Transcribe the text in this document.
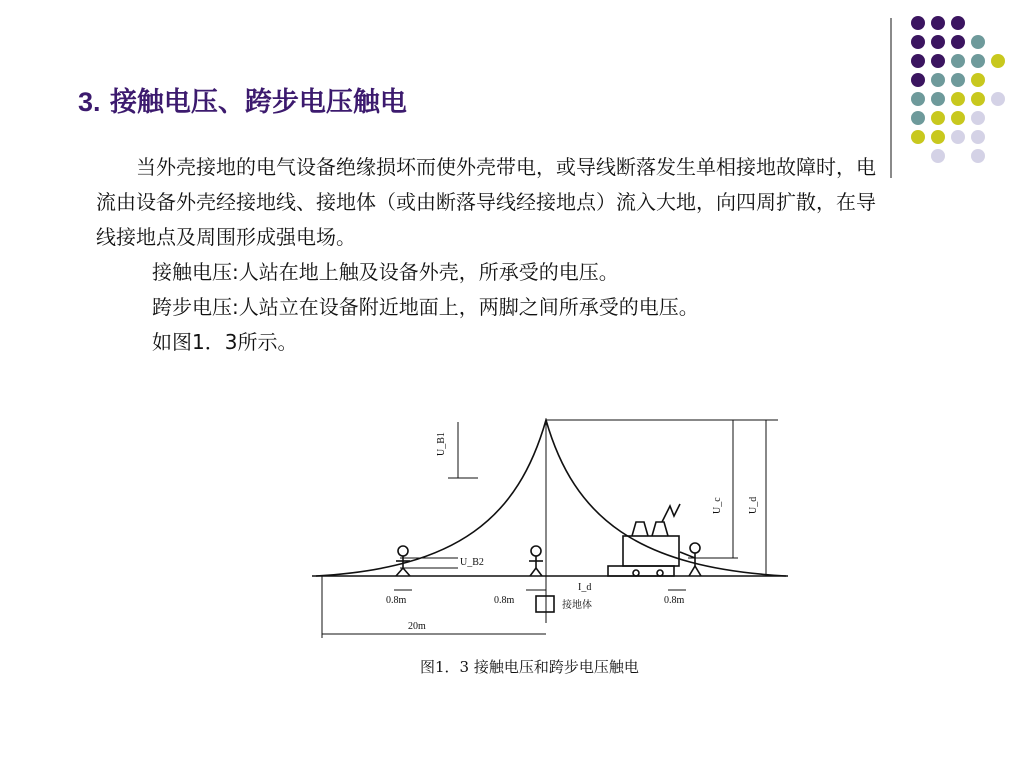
3. 接触电压、跨步电压触电

当外壳接地的电气设备绝缘损坏而使外壳带电，或导线断落发生单相接地故障时，电流由设备外壳经接地线、接地体（或由断落导线经接地点）流入大地，向四周扩散，在导线接地点及周围形成强电场。

接触电压:人站在地上触及设备外壳，所承受的电压。

跨步电压:人站立在设备附近地面上，两脚之间所承受的电压。

如图1．3所示。

U_B1
U_B2
U_c	U_d
I_d
接地体
0.8m	0.8m	0.8m
20m
图1．3 接触电压和跨步电压触电
